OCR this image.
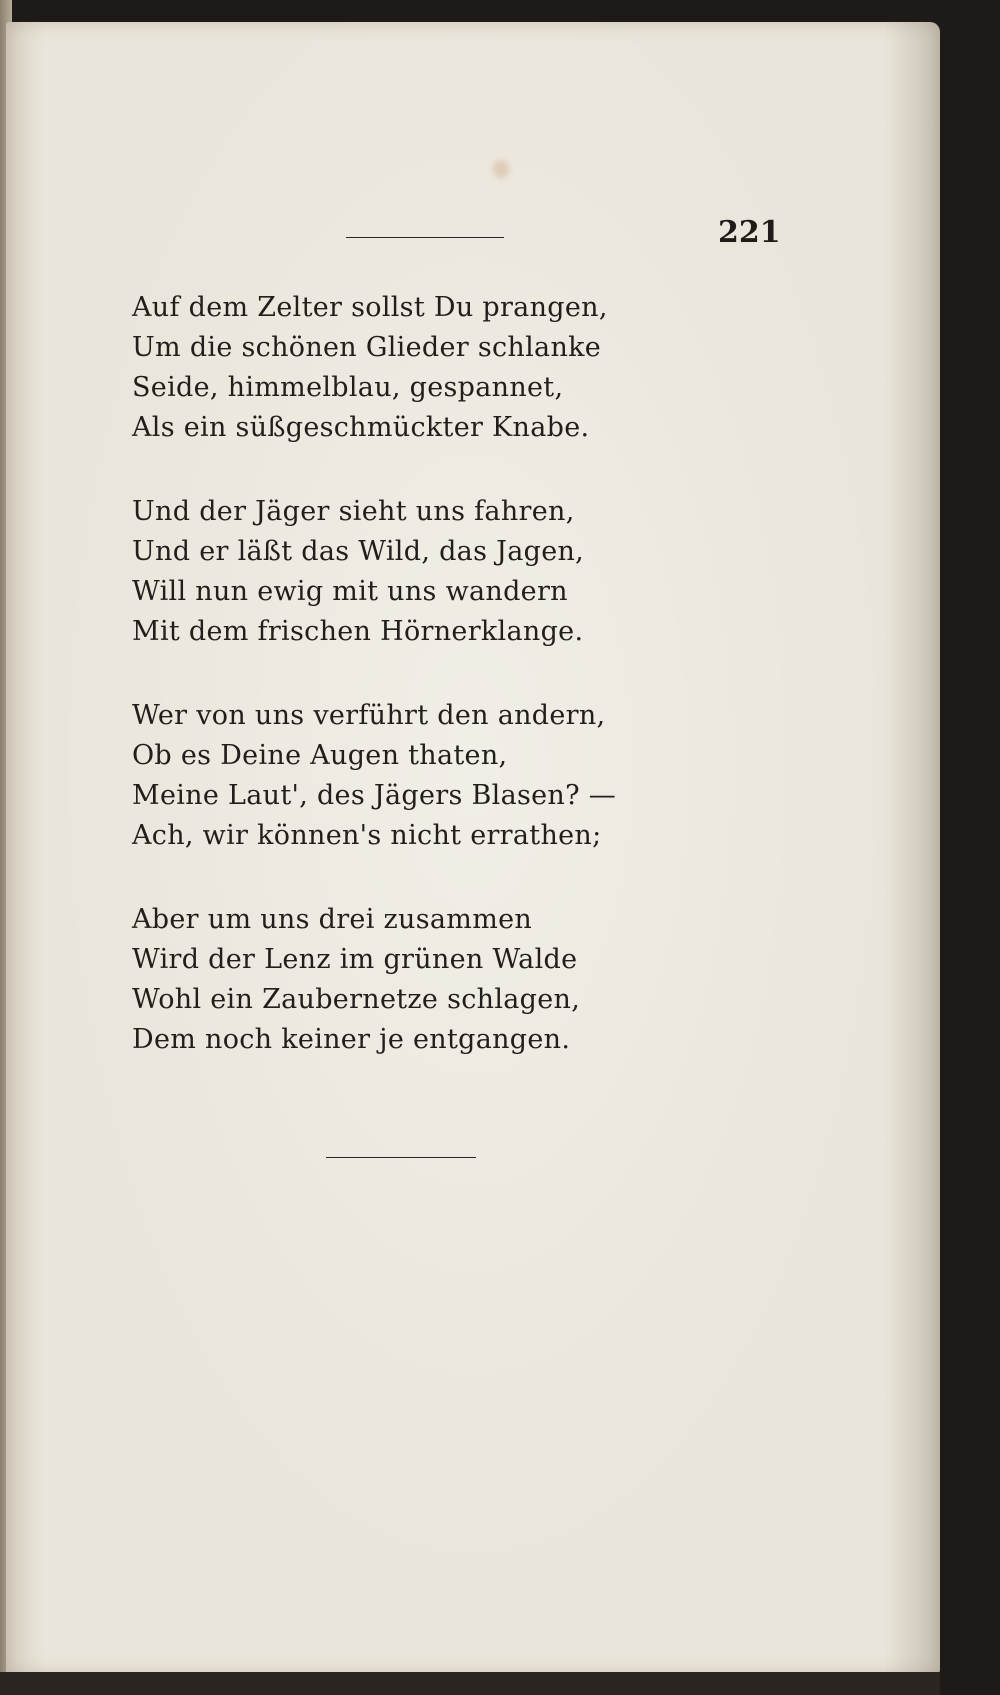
221
Auf dem Zelter sollst Du prangen,
Um die schönen Glieder schlanke
Seide, himmelblau, gespannet,
Als ein süßgeschmückter Knabe.
Und der Jäger sieht uns fahren,
Und er läßt das Wild, das Jagen,
Will nun ewig mit uns wandern
Mit dem frischen Hörnerklange.
Wer von uns verführt den andern,
Ob es Deine Augen thaten,
Meine Laut', des Jägers Blasen? —
Ach, wir können's nicht errathen;
Aber um uns drei zusammen
Wird der Lenz im grünen Walde
Wohl ein Zaubernetze schlagen,
Dem noch keiner je entgangen.
